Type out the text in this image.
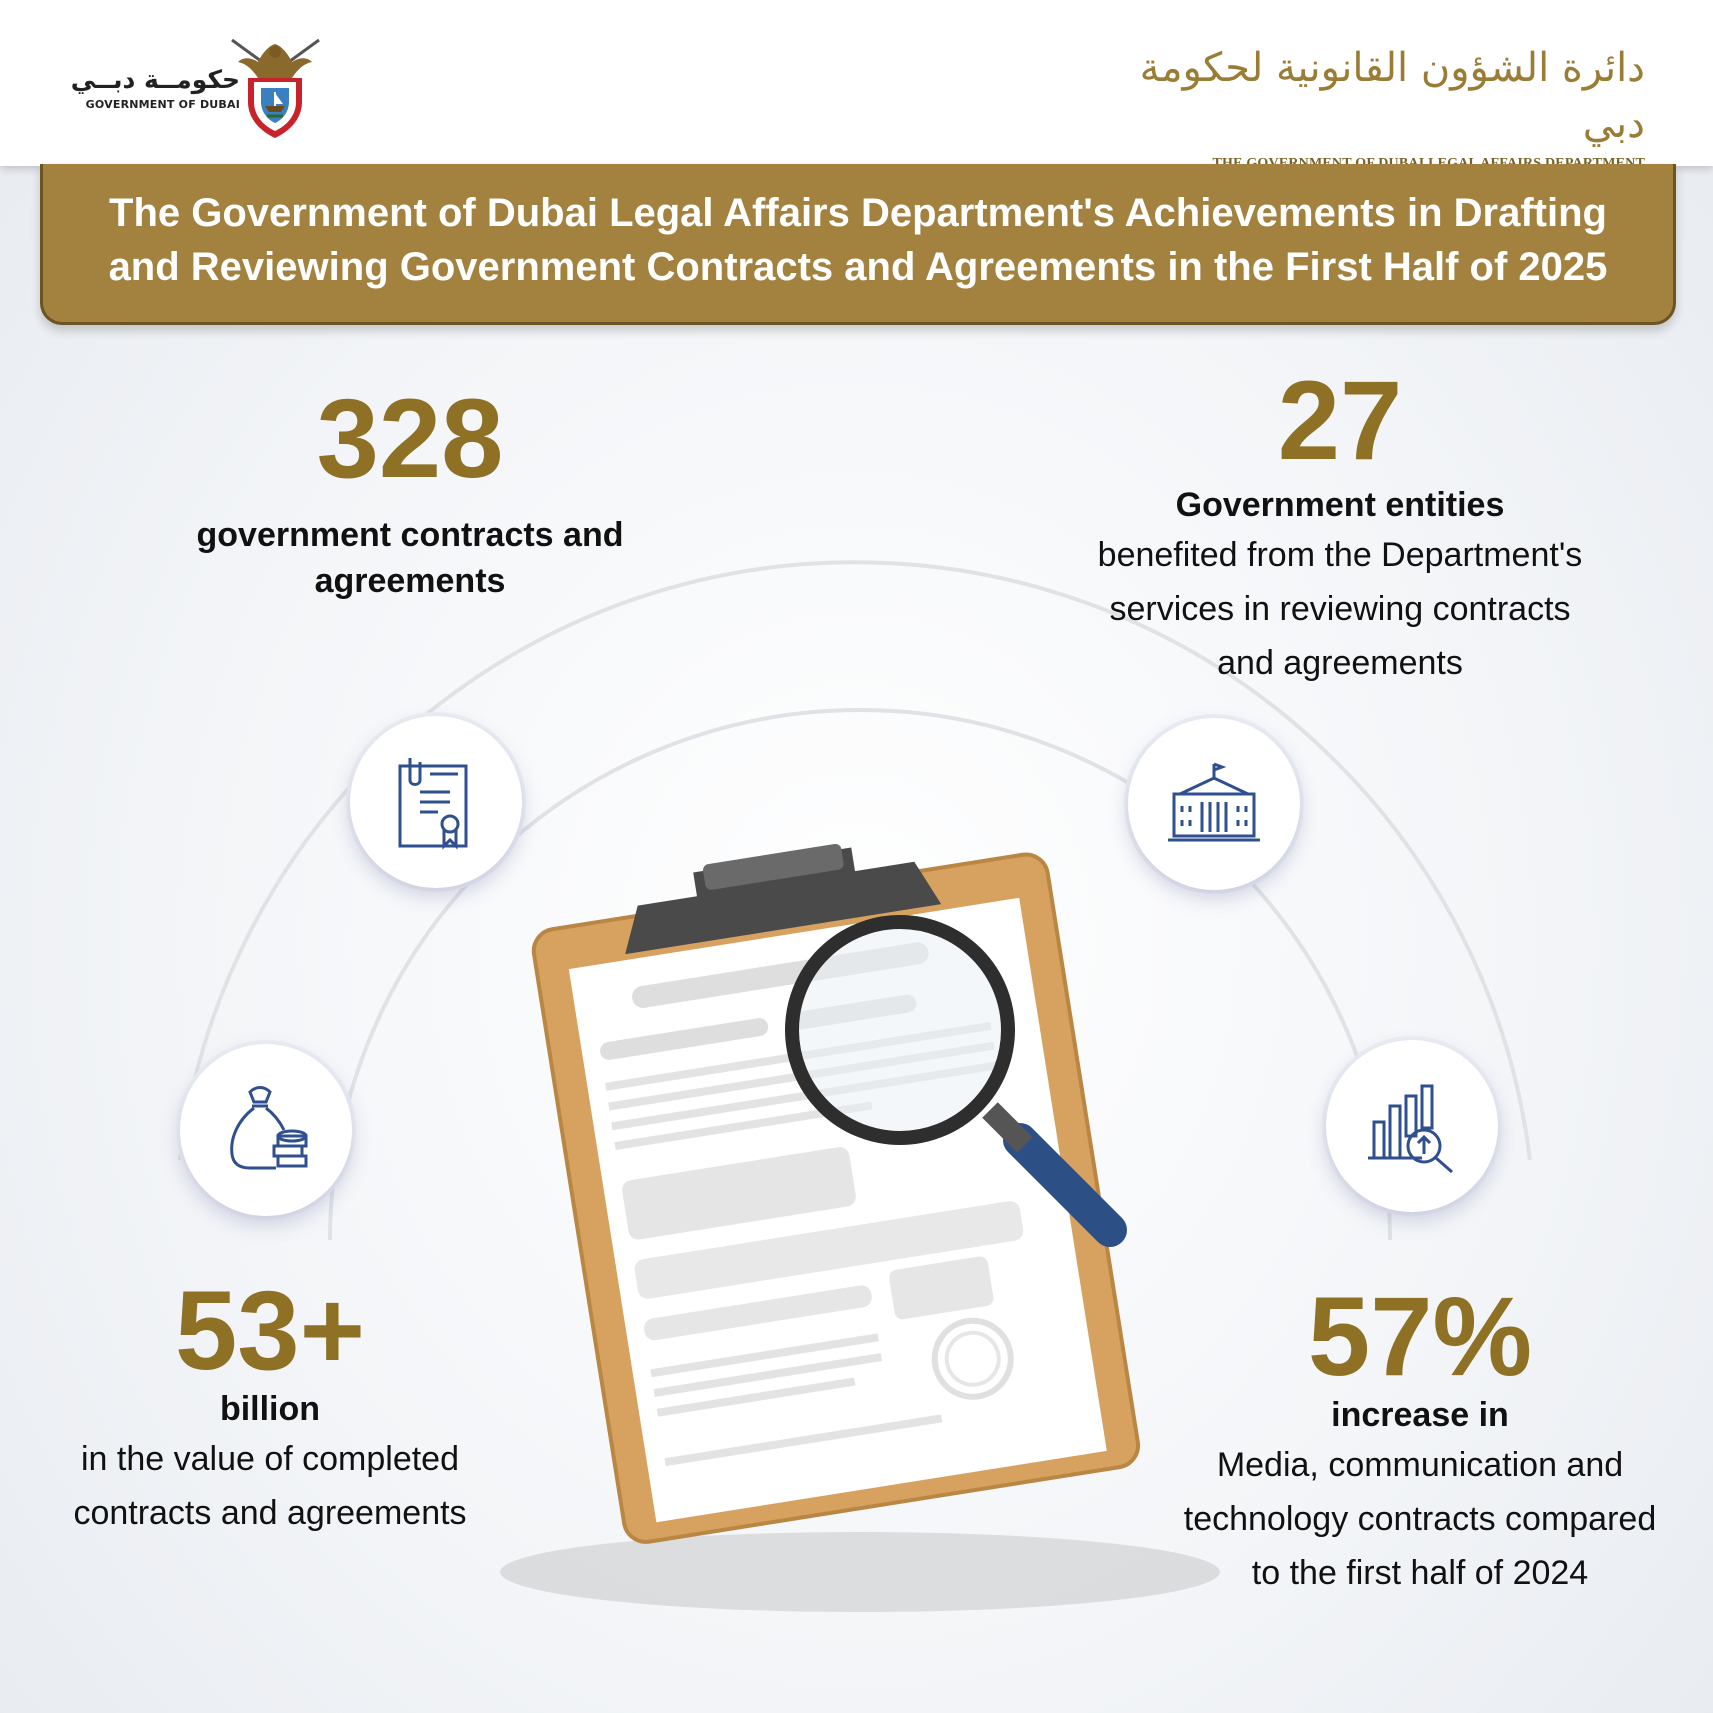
حكومــة دبــي
GOVERNMENT OF DUBAI
دائرة الشؤون القانونية لحكومة دبي
The Government of Dubai Legal Affairs Department's Achievements in Drafting
and Reviewing Government Contracts and Agreements in the First Half of 2025
328
government contracts and
agreements
27
Government entities
benefited from the Department's
services in reviewing contracts
and agreements
53+
billion
in the value of completed
contracts and agreements
57%
increase in
Media, communication and
technology contracts compared
to the first half of 2024
